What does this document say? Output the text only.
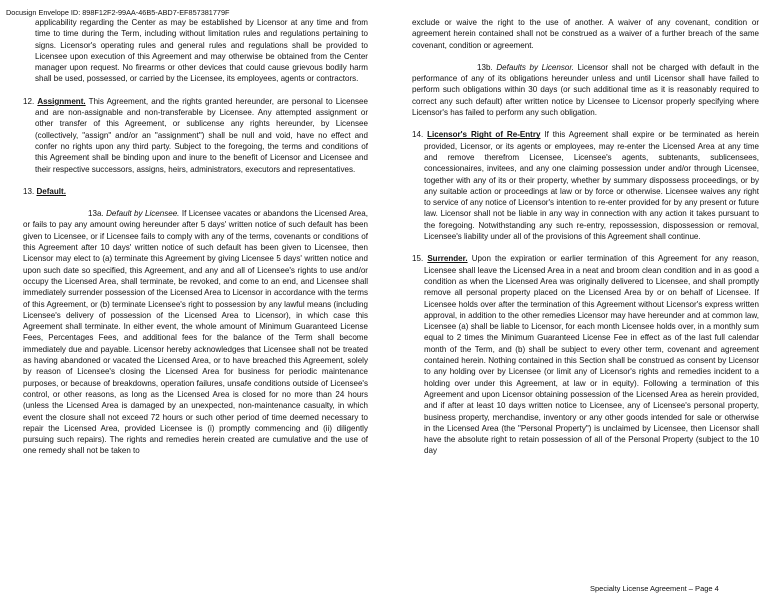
Docusign Envelope ID: 898F12F2-99AA-46B5-ABD7-EF857381779F

applicability regarding the Center as may be established by Licensor at any time and from time to time during the Term, including without limitation rules and regulations pertaining to signs. Licensor's operating rules and general rules and regulations shall be provided to Licensee upon execution of this Agreement and may otherwise be obtained from the Center manager upon request. No firearms or other devices that could cause grievous bodily harm shall be used, possessed, or carried by the Licensee, its employees, agents or contractors.

12. Assignment. This Agreement, and the rights granted hereunder, are personal to Licensee and are non-assignable and non-transferable by Licensee. Any attempted assignment or other transfer of this Agreement, or sublicense any rights hereunder, by Licensee (collectively, "assign" and/or an "assignment") shall be null and void, have no effect and confer no rights upon any third party. Subject to the foregoing, the terms and conditions of this Agreement shall be binding upon and inure to the benefit of Licensor and Licensee and their respective successors, assigns, heirs, administrators, executors and representatives.

13. Default.

13a. Default by Licensee. If Licensee vacates or abandons the Licensed Area, or fails to pay any amount owing hereunder after 5 days' written notice of such default has been given to Licensee, or if Licensee fails to comply with any of the terms, covenants or conditions of this Agreement after 10 days' written notice of such default has been given to Licensee, then Licensor may elect to (a) terminate this Agreement by giving Licensee 5 days' written notice and upon such date so specified, this Agreement, and any and all of Licensee's rights to use and/or occupy the Licensed Area, shall terminate, be revoked, and come to an end, and Licensee shall immediately surrender possession of the Licensed Area to Licensor in accordance with the terms of this Agreement, or (b) terminate Licensee's right to possession by any lawful means (including Licensee's delivery of possession of the Licensed Area to Licensor), in which case this Agreement shall terminate. In either event, the whole amount of Minimum Guaranteed License Fees, Percentages Fees, and additional fees for the balance of the Term shall become immediately due and payable. Licensor hereby acknowledges that Licensee shall not be treated as having abandoned or vacated the Licensed Area, or to have breached this Agreement, solely by reason of Licensee's closing the Licensed Area for business for periodic maintenance purposes, or because of breakdowns, operation failures, unsafe conditions outside of Licensee's control, or other reasons, as long as the Licensed Area is closed for no more than 24 hours (unless the Licensed Area is damaged by an unexpected, non-maintenance casualty, in which event the closure shall not exceed 72 hours or such other period of time deemed necessary to repair the Licensed Area, provided Licensee is (i) promptly commencing and (ii) diligently pursuing such repairs). The rights and remedies herein created are cumulative and the use of one remedy shall not be taken to

exclude or waive the right to the use of another. A waiver of any covenant, condition or agreement herein contained shall not be construed as a waiver of a further breach of the same covenant, condition or agreement.

13b. Defaults by Licensor. Licensor shall not be charged with default in the performance of any of its obligations hereunder unless and until Licensor shall have failed to perform such obligations within 30 days (or such additional time as it is reasonably required to correct any such default) after written notice by Licensee to Licensor properly specifying where Licensor's has failed to perform any such obligation.

14. Licensor's Right of Re-Entry If this Agreement shall expire or be terminated as herein provided, Licensor, or its agents or employees, may re-enter the Licensed Area at any time and remove therefrom Licensee, Licensee's agents, subtenants, sublicensees, concessionaires, invitees, and any one claiming possession under and/or through Licensee, together with any of its or their property, whether by summary dispossess proceedings, or by any suitable action or proceedings at law or by force or otherwise. Licensee waives any right to service of any notice of Licensor's intention to re-enter provided for by any present or future law. Licensor shall not be liable in any way in connection with any action it takes pursuant to the foregoing. Notwithstanding any such re-entry, repossession, dispossession or removal, Licensee's liability under all of the provisions of this Agreement shall continue.

15. Surrender. Upon the expiration or earlier termination of this Agreement for any reason, Licensee shall leave the Licensed Area in a neat and broom clean condition and in as good a condition as when the Licensed Area was originally delivered to Licensee, and shall promptly remove all personal property placed on the Licensed Area by or on behalf of Licensee. If Licensee holds over after the termination of this Agreement without Licensor's express written approval, in addition to the other remedies Licensor may have hereunder and at common law, Licensee (a) shall be liable to Licensor, for each month Licensee holds over, in a monthly sum equal to 2 times the Minimum Guaranteed License Fee in effect as of the last full calendar month of the Term, and (b) shall be subject to every other term, covenant and agreement contained herein. Nothing contained in this Section shall be construed as consent by Licensor to any holding over by Licensee (or limit any of Licensor's rights and remedies incident to a holding over under this Agreement, at law or in equity). Following a termination of this Agreement and upon Licensor obtaining possession of the Licensed Area as herein provided, and if after at least 10 days written notice to Licensee, any of Licensee's personal property, business property, merchandise, inventory or any other goods intended for sale or otherwise in the Licensed Area (the "Personal Property") is unclaimed by Licensee, then Licensor shall have the absolute right to retain possession of all of the Personal Property (subject to the 10 day

Specialty License Agreement – Page 4
